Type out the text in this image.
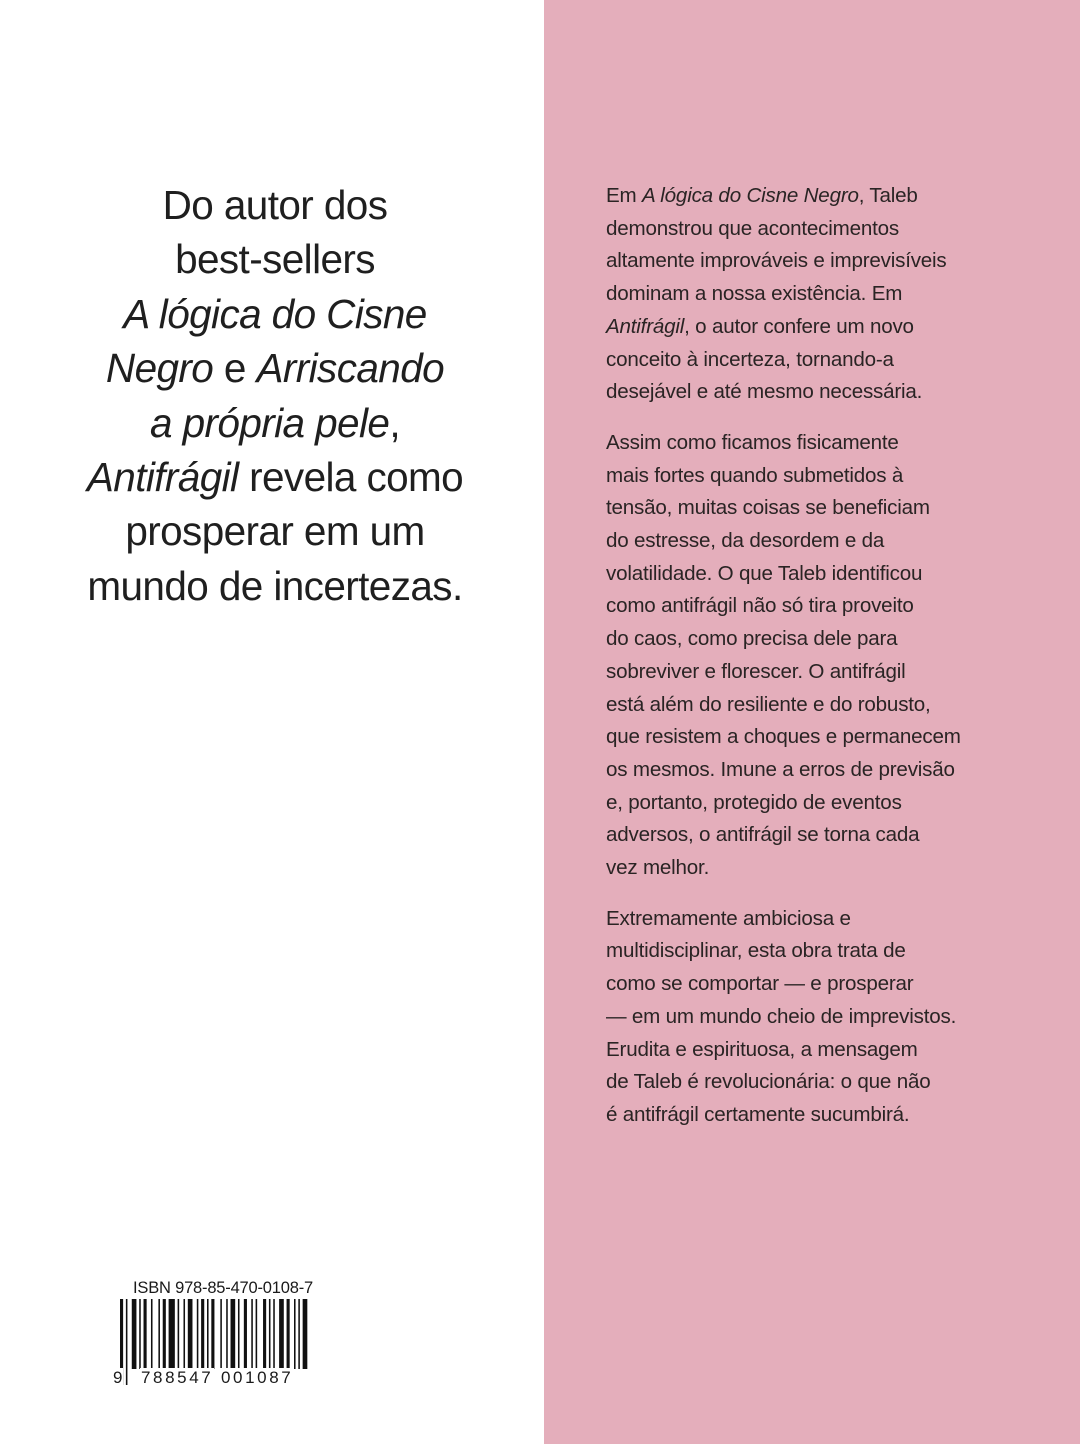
Do autor dos
best-sellers
A lógica do Cisne
Negro e Arriscando
a própria pele,
Antifrágil revela como
prosperar em um
mundo de incertezas.

Em A lógica do Cisne Negro, Taleb
demonstrou que acontecimentos
altamente improváveis e imprevisíveis
dominam a nossa existência. Em
Antifrágil, o autor confere um novo
conceito à incerteza, tornando-a
desejável e até mesmo necessária.

Assim como ficamos fisicamente
mais fortes quando submetidos à
tensão, muitas coisas se beneficiam
do estresse, da desordem e da
volatilidade. O que Taleb identificou
como antifrágil não só tira proveito
do caos, como precisa dele para
sobreviver e florescer. O antifrágil
está além do resiliente e do robusto,
que resistem a choques e permanecem
os mesmos. Imune a erros de previsão
e, portanto, protegido de eventos
adversos, o antifrágil se torna cada
vez melhor.

Extremamente ambiciosa e
multidisciplinar, esta obra trata de
como se comportar — e prosperar
— em um mundo cheio de imprevistos.
Erudita e espirituosa, a mensagem
de Taleb é revolucionária: o que não
é antifrágil certamente sucumbirá.

ISBN 978-85-470-0108-7
9 788547 001087
